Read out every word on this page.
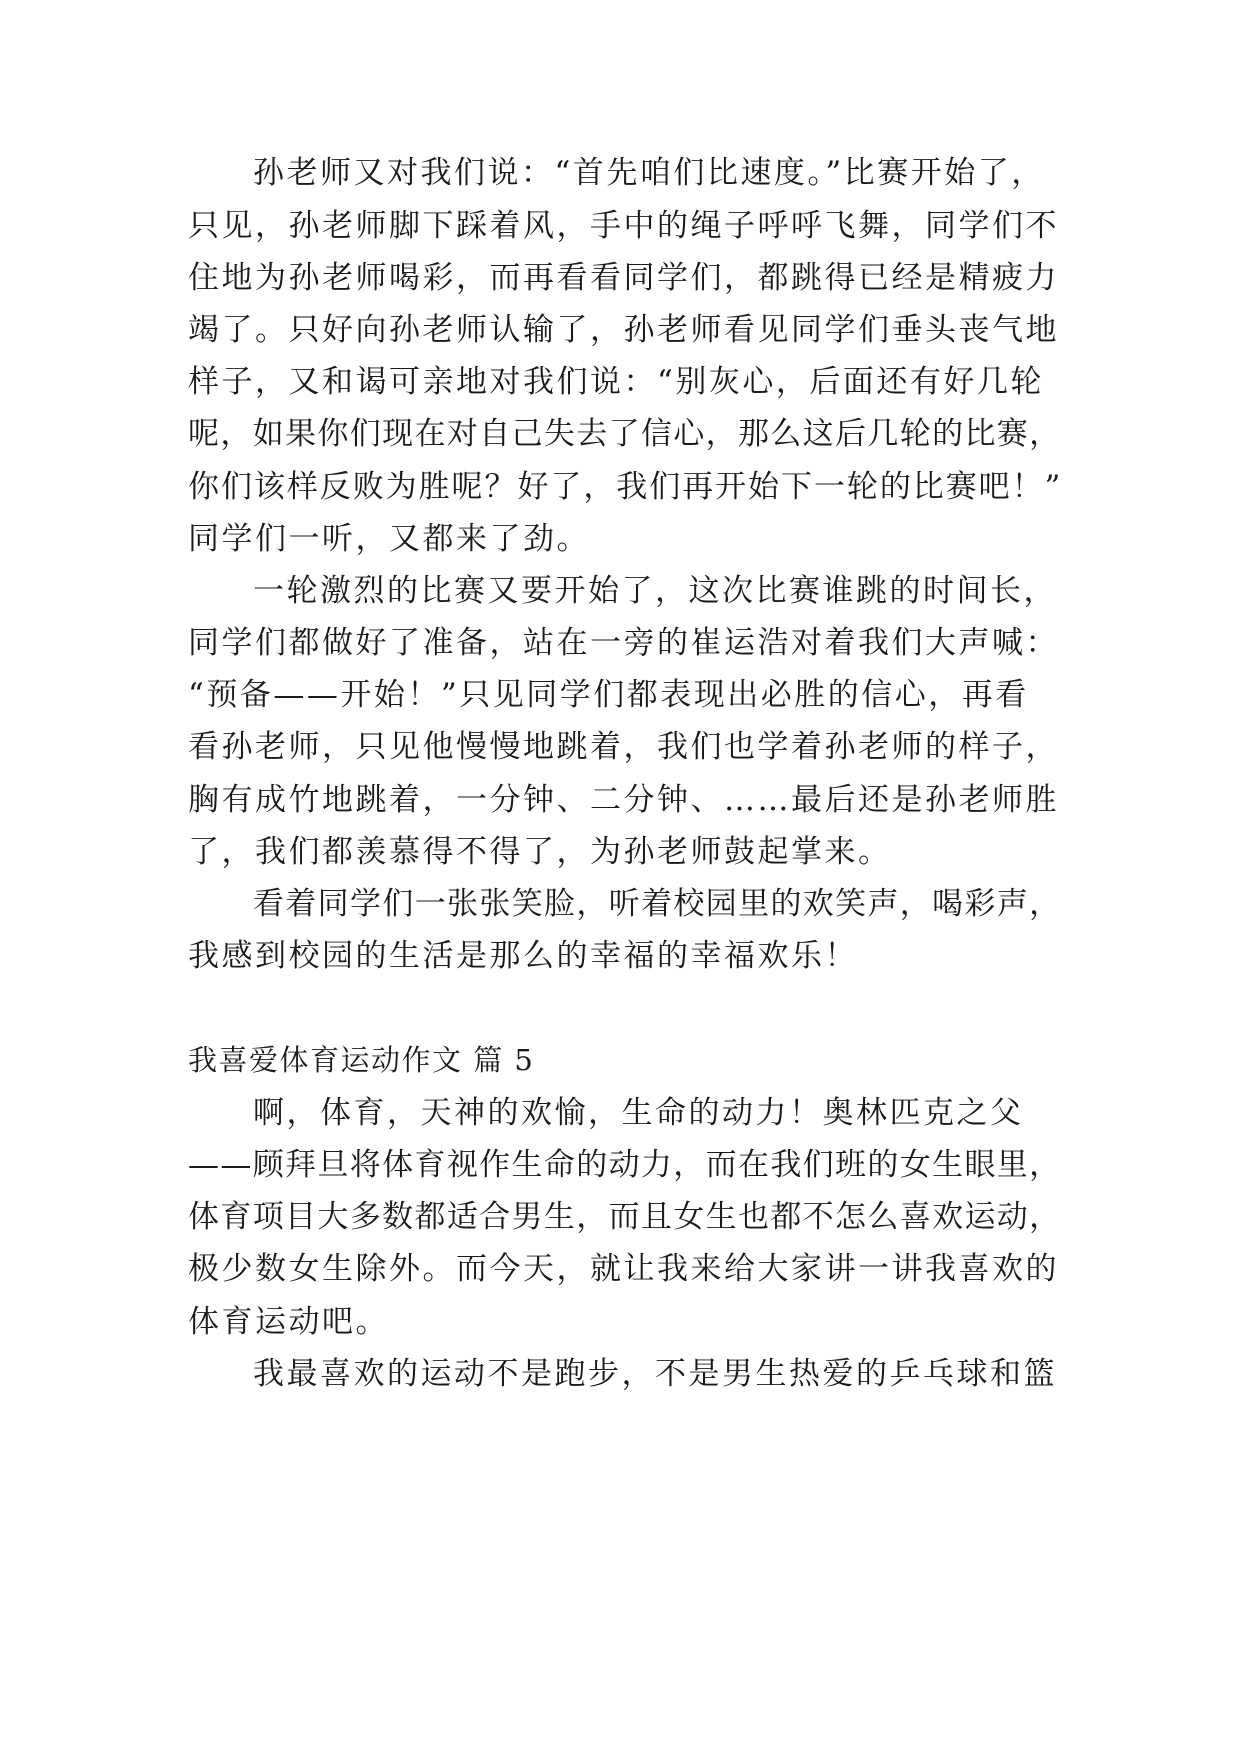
孙老师又对我们说：“首先咱们比速度。”比赛开始了，
只见，孙老师脚下踩着风，手中的绳子呼呼飞舞，同学们不
住地为孙老师喝彩，而再看看同学们，都跳得已经是精疲力
竭了。只好向孙老师认输了，孙老师看见同学们垂头丧气地
样子，又和谒可亲地对我们说：“别灰心，后面还有好几轮
呢，如果你们现在对自己失去了信心，那么这后几轮的比赛，
你们该样反败为胜呢？好了，我们再开始下一轮的比赛吧！”
同学们一听，又都来了劲。
一轮激烈的比赛又要开始了，这次比赛谁跳的时间长，
同学们都做好了准备，站在一旁的崔运浩对着我们大声喊：
“预备——开始！”只见同学们都表现出必胜的信心，再看
看孙老师，只见他慢慢地跳着，我们也学着孙老师的样子，
胸有成竹地跳着，一分钟、二分钟、……最后还是孙老师胜
了，我们都羡慕得不得了，为孙老师鼓起掌来。
看着同学们一张张笑脸，听着校园里的欢笑声，喝彩声，
我感到校园的生活是那么的幸福的幸福欢乐！
我喜爱体育运动作文 篇 5
啊，体育，天神的欢愉，生命的动力！奥林匹克之父
——顾拜旦将体育视作生命的动力，而在我们班的女生眼里，
体育项目大多数都适合男生，而且女生也都不怎么喜欢运动，
极少数女生除外。而今天，就让我来给大家讲一讲我喜欢的
体育运动吧。
我最喜欢的运动不是跑步，不是男生热爱的乒乓球和篮
